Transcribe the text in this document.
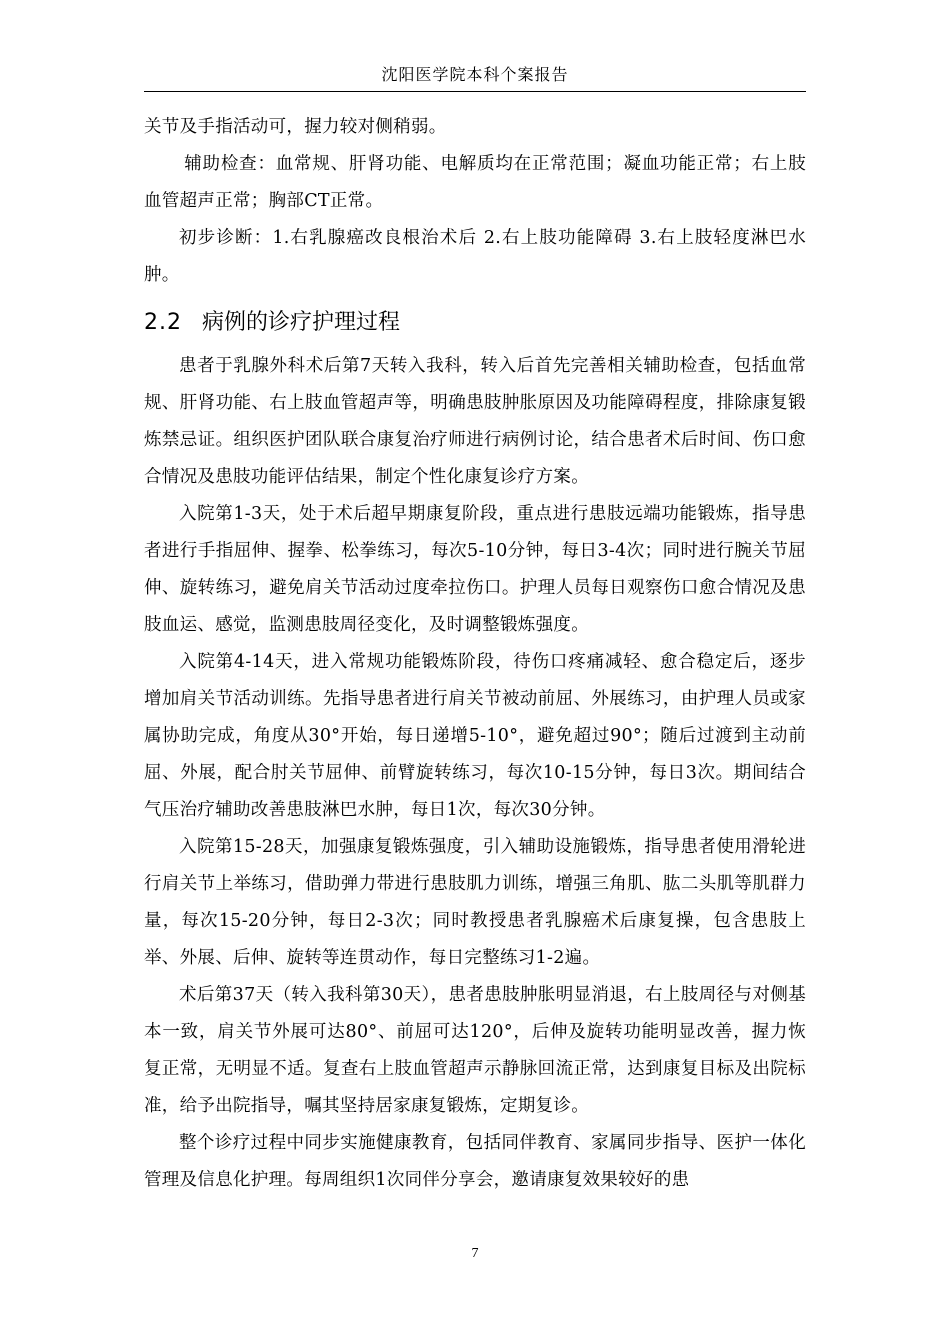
沈阳医学院本科个案报告

关节及手指活动可，握力较对侧稍弱。

辅助检查：血常规、肝肾功能、电解质均在正常范围；凝血功能正常；右上肢血管超声正常；胸部CT正常。

初步诊断：1.右乳腺癌改良根治术后 2.右上肢功能障碍 3.右上肢轻度淋巴水肿。

2.2 病例的诊疗护理过程

患者于乳腺外科术后第7天转入我科，转入后首先完善相关辅助检查，包括血常规、肝肾功能、右上肢血管超声等，明确患肢肿胀原因及功能障碍程度，排除康复锻炼禁忌证。组织医护团队联合康复治疗师进行病例讨论，结合患者术后时间、伤口愈合情况及患肢功能评估结果，制定个性化康复诊疗方案。

入院第1-3天，处于术后超早期康复阶段，重点进行患肢远端功能锻炼，指导患者进行手指屈伸、握拳、松拳练习，每次5-10分钟，每日3-4次；同时进行腕关节屈伸、旋转练习，避免肩关节活动过度牵拉伤口。护理人员每日观察伤口愈合情况及患肢血运、感觉，监测患肢周径变化，及时调整锻炼强度。

入院第4-14天，进入常规功能锻炼阶段，待伤口疼痛减轻、愈合稳定后，逐步增加肩关节活动训练。先指导患者进行肩关节被动前屈、外展练习，由护理人员或家属协助完成，角度从30°开始，每日递增5-10°，避免超过90°；随后过渡到主动前屈、外展，配合肘关节屈伸、前臂旋转练习，每次10-15分钟，每日3次。期间结合气压治疗辅助改善患肢淋巴水肿，每日1次，每次30分钟。

入院第15-28天，加强康复锻炼强度，引入辅助设施锻炼，指导患者使用滑轮进行肩关节上举练习，借助弹力带进行患肢肌力训练，增强三角肌、肱二头肌等肌群力量，每次15-20分钟，每日2-3次；同时教授患者乳腺癌术后康复操，包含患肢上举、外展、后伸、旋转等连贯动作，每日完整练习1-2遍。

术后第37天（转入我科第30天），患者患肢肿胀明显消退，右上肢周径与对侧基本一致，肩关节外展可达80°、前屈可达120°，后伸及旋转功能明显改善，握力恢复正常，无明显不适。复查右上肢血管超声示静脉回流正常，达到康复目标及出院标准，给予出院指导，嘱其坚持居家康复锻炼，定期复诊。

整个诊疗过程中同步实施健康教育，包括同伴教育、家属同步指导、医护一体化管理及信息化护理。每周组织1次同伴分享会，邀请康复效果较好的患

7
